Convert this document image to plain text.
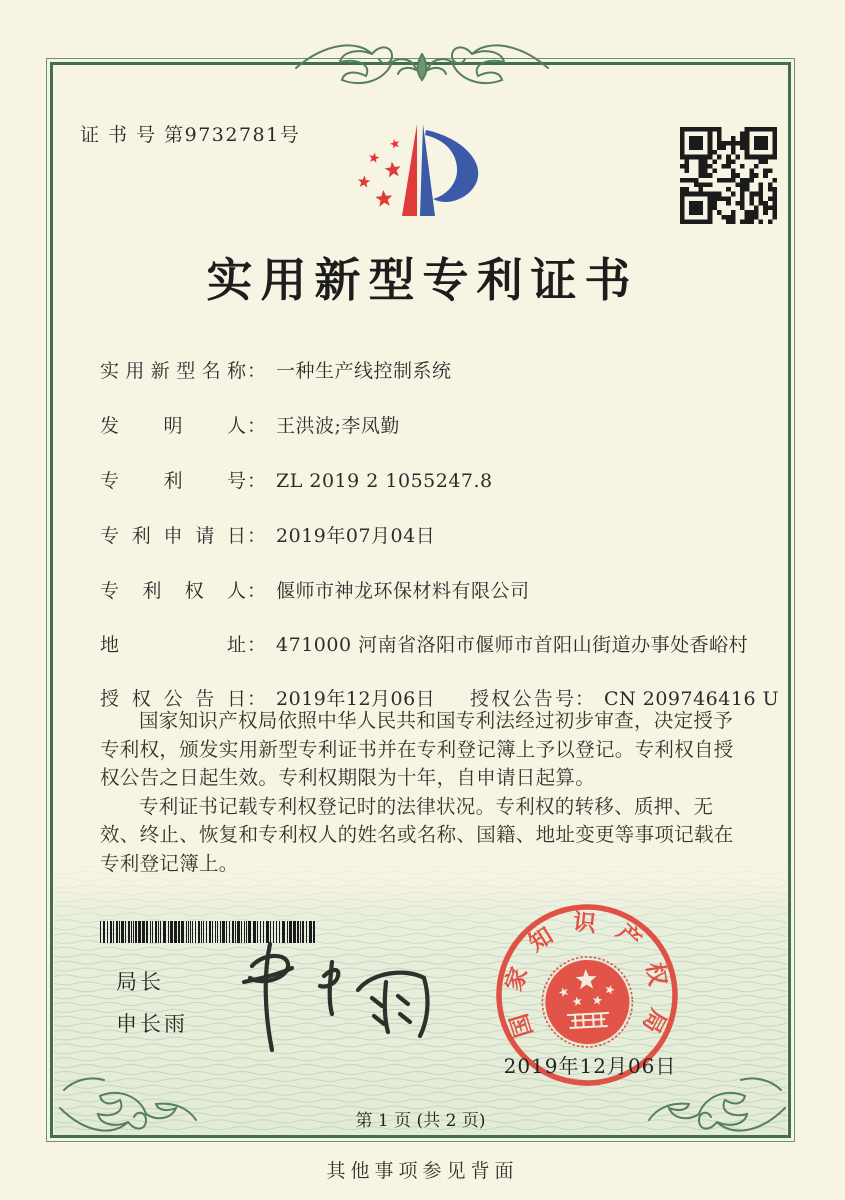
证 书 号 第9732781号
实用新型专利证书
实用新型名称： 一种生产线控制系统
发明人： 王洪波;李凤勤
专利号： ZL 2019 2 1055247.8
专利申请日： 2019年07月04日
专利权人： 偃师市神龙环保材料有限公司
地址： 471000 河南省洛阳市偃师市首阳山街道办事处香峪村
授权公告日： 2019年12月06日 授权公告号： CN 209746416 U

国家知识产权局依照中华人民共和国专利法经过初步审查，决定授予专利权，颁发实用新型专利证书并在专利登记簿上予以登记。专利权自授权公告之日起生效。专利权期限为十年，自申请日起算。

专利证书记载专利权登记时的法律状况。专利权的转移、质押、无效、终止、恢复和专利权人的姓名或名称、国籍、地址变更等事项记载在专利登记簿上。

局长
申长雨	国家知识产权局
2019年12月06日
第 1 页 (共 2 页)
其他事项参见背面
